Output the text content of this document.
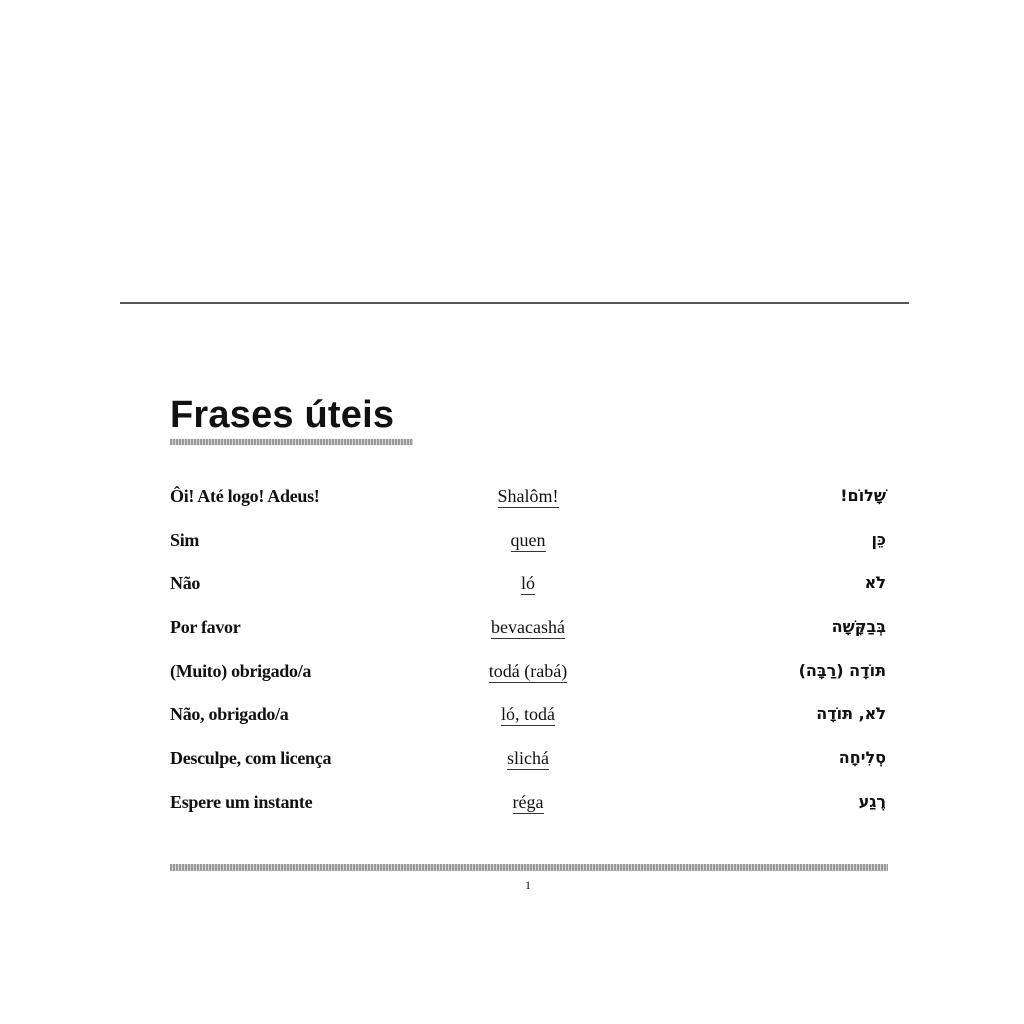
Frases úteis
Ôi! Até logo! Adeus!	Shalôm!	שָׁלוֹם!
Sim	quen	כֵּן
Não	ló	לֹא
Por favor	bevacashá	בְּבַקָּשָׁה
(Muito) obrigado/a	todá (rabá)	תּוֹדָה (רַבָּה)
Não, obrigado/a	ló, todá	לֹא, תּוֹדָה
Desculpe, com licença	slichá	סְלִיחָה
Espere um instante	réga	רֶגַע
1
